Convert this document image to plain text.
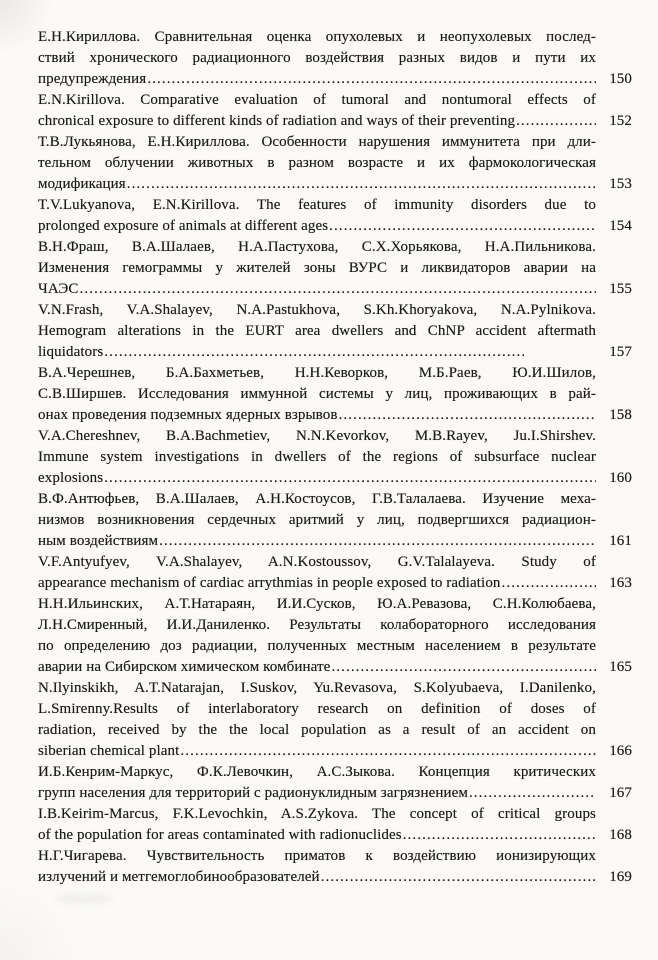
Е.Н.Кириллова. Сравнительная оценка опухолевых и неопухолевых послед-
ствий хронического радиационного воздействия разных видов и пути их
предупреждения .....	150
E.N.Kirillova. Comparative evaluation of tumoral and nontumoral effects of
chronical exposure to different kinds of radiation and ways of their preventing .....	152
Т.В.Лукьянова, Е.Н.Кириллова. Особенности нарушения иммунитета при дли-
тельном облучении животных в разном возрасте и их фармокологическая
модификация .....	153
T.V.Lukyanova, E.N.Kirillova. The features of immunity disorders due to
prolonged exposure of animals at different ages .....	154
В.Н.Фраш, В.А.Шалаев, Н.А.Пастухова, С.Х.Хорьякова, Н.А.Пильникова.
Изменения гемограммы у жителей зоны ВУРС и ликвидаторов аварии на
ЧАЭС .....	155
V.N.Frash, V.A.Shalayev, N.A.Pastukhova, S.Kh.Khoryakova, N.A.Pylnikova.
Hemogram alterations in the EURT area dwellers and ChNP accident aftermath
liquidators .....	157
В.А.Черешнев, Б.А.Бахметьев, Н.Н.Кеворков, М.Б.Раев, Ю.И.Шилов,
С.В.Ширшев. Исследования иммунной системы у лиц, проживающих в рай-
онах проведения подземных ядерных взрывов .....	158
V.A.Chereshnev, B.A.Bachmetiev, N.N.Kevorkov, M.B.Rayev, Ju.I.Shirshev.
Immune system investigations in dwellers of the regions of subsurface nuclear
explosions .....	160
В.Ф.Антюфьев, В.А.Шалаев, А.Н.Костоусов, Г.В.Талалаева. Изучение меха-
низмов возникновения сердечных аритмий у лиц, подвергшихся радиацион-
ным воздействиям .....	161
V.F.Antyufyev, V.A.Shalayev, A.N.Kostoussov, G.V.Talalayeva. Study of
appearance mechanism of cardiac arrythmias in people exposed to radiation .....	163
Н.Н.Ильинских, А.Т.Натараян, И.И.Сусков, Ю.А.Ревазова, С.Н.Колюбаева,
Л.Н.Смиренный, И.И.Даниленко. Результаты колабораторного исследования
по определению доз радиации, полученных местным населением в результате
аварии на Сибирском химическом комбинате .....	165
N.Ilyinskikh, A.T.Natarajan, I.Suskov, Yu.Revasova, S.Kolyubaeva, I.Danilenko,
L.Smirenny.Results of interlaboratory research on definition of doses of
radiation, received by the the local population as a result of an accident on
siberian chemical plant .....	166
И.Б.Кенрим-Маркус, Ф.К.Левочкин, А.С.Зыкова. Концепция критических
групп населения для территорий с радионуклидным загрязнением .....	167
I.B.Keirim-Marcus, F.K.Levochkin, A.S.Zykova. The concept of critical groups
of the population for areas contaminated with radionuclides .....	168
Н.Г.Чигарева. Чувствительность приматов к воздействию ионизирующих
излучений и метгемоглобинообразователей .....	169
